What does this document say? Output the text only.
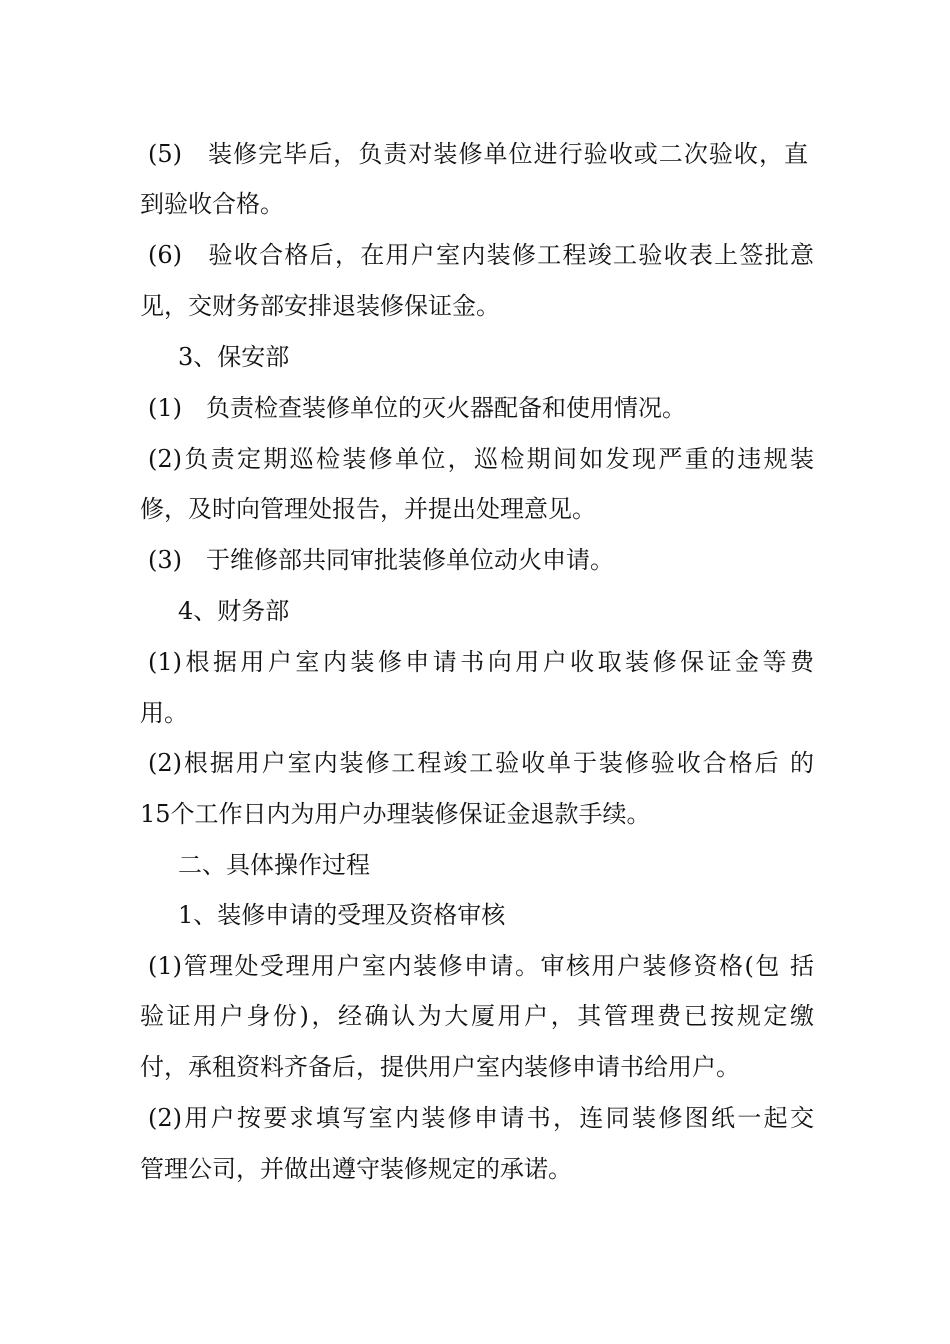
(5)　装修完毕后，负责对装修单位进行验收或二次验收，直
到验收合格。
(6)　验收合格后，在用户室内装修工程竣工验收表上签批意
见，交财务部安排退装修保证金。
3、保安部
(1)　负责检查装修单位的灭火器配备和使用情况。
(2)负责定期巡检装修单位，巡检期间如发现严重的违规装
修，及时向管理处报告，并提出处理意见。
(3)　于维修部共同审批装修单位动火申请。
4、财务部
(1)根据用户室内装修申请书向用户收取装修保证金等费
用。
(2)根据用户室内装修工程竣工验收单于装修验收合格后 的
15个工作日内为用户办理装修保证金退款手续。
二、具体操作过程
1、装修申请的受理及资格审核
(1)管理处受理用户室内装修申请。审核用户装修资格(包 括
验证用户身份)，经确认为大厦用户，其管理费已按规定缴
付，承租资料齐备后，提供用户室内装修申请书给用户。
(2)用户按要求填写室内装修申请书，连同装修图纸一起交
管理公司，并做出遵守装修规定的承诺。
